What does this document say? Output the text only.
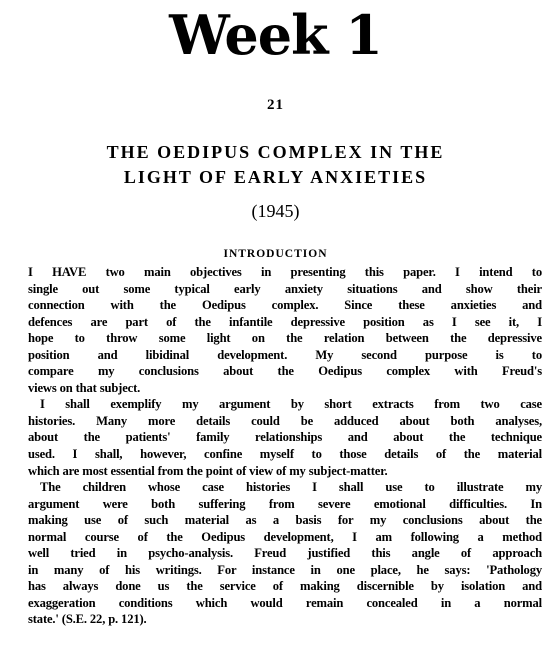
Week 1
21
THE OEDIPUS COMPLEX IN THE
LIGHT OF EARLY ANXIETIES
(1945)
INTRODUCTION

I HAVE two main objectives in presenting this paper. I intend to
single out some typical early anxiety situations and show their
connection with the Oedipus complex. Since these anxieties and
defences are part of the infantile depressive position as I see it, I
hope to throw some light on the relation between the depressive
position and libidinal development. My second purpose is to
compare my conclusions about the Oedipus complex with Freud's
views on that subject.

I shall exemplify my argument by short extracts from two case
histories. Many more details could be adduced about both analyses,
about the patients' family relationships and about the technique
used. I shall, however, confine myself to those details of the material
which are most essential from the point of view of my subject-matter.

The children whose case histories I shall use to illustrate my
argument were both suffering from severe emotional difficulties. In
making use of such material as a basis for my conclusions about the
normal course of the Oedipus development, I am following a method
well tried in psycho-analysis. Freud justified this angle of approach
in many of his writings. For instance in one place, he says: 'Pathology
has always done us the service of making discernible by isolation and
exaggeration conditions which would remain concealed in a normal
state.' (S.E. 22, p. 121).
